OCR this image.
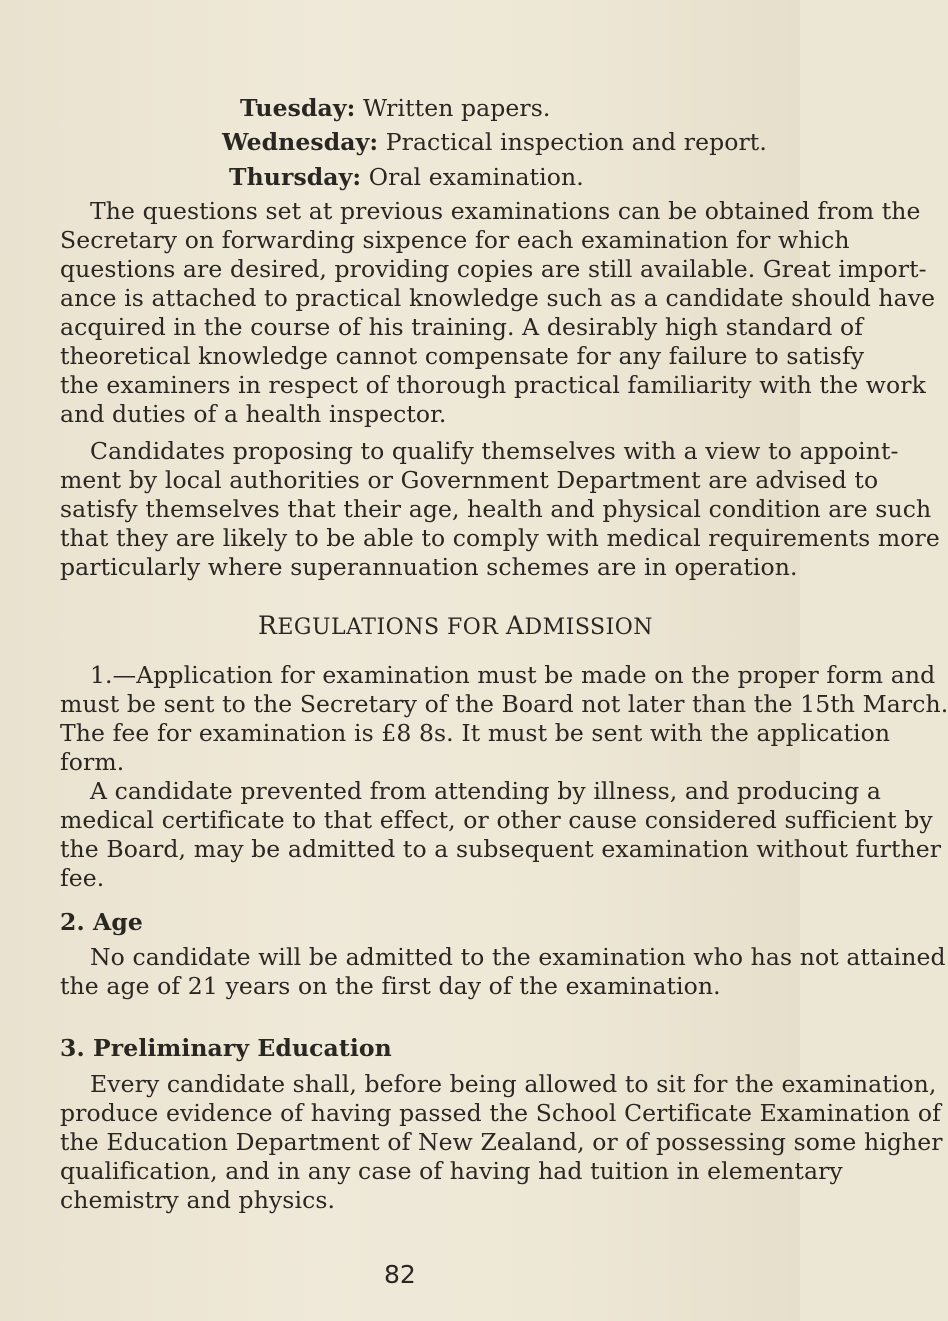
Tuesday: Written papers.
Wednesday: Practical inspection and report.
Thursday: Oral examination.
The questions set at previous examinations can be obtained from the
Secretary on forwarding sixpence for each examination for which
questions are desired, providing copies are still available. Great import-
ance is attached to practical knowledge such as a candidate should have
acquired in the course of his training. A desirably high standard of
theoretical knowledge cannot compensate for any failure to satisfy
the examiners in respect of thorough practical familiarity with the work
and duties of a health inspector.
Candidates proposing to qualify themselves with a view to appoint-
ment by local authorities or Government Department are advised to
satisfy themselves that their age, health and physical condition are such
that they are likely to be able to comply with medical requirements more
particularly where superannuation schemes are in operation.
REGULATIONS FOR ADMISSION
1.—Application for examination must be made on the proper form and
must be sent to the Secretary of the Board not later than the 15th March.
The fee for examination is £8 8s. It must be sent with the application
form.
A candidate prevented from attending by illness, and producing a
medical certificate to that effect, or other cause considered sufficient by
the Board, may be admitted to a subsequent examination without further
fee.
2. Age
No candidate will be admitted to the examination who has not attained
the age of 21 years on the first day of the examination.
3. Preliminary Education
Every candidate shall, before being allowed to sit for the examination,
produce evidence of having passed the School Certificate Examination of
the Education Department of New Zealand, or of possessing some higher
qualification, and in any case of having had tuition in elementary
chemistry and physics.
82
